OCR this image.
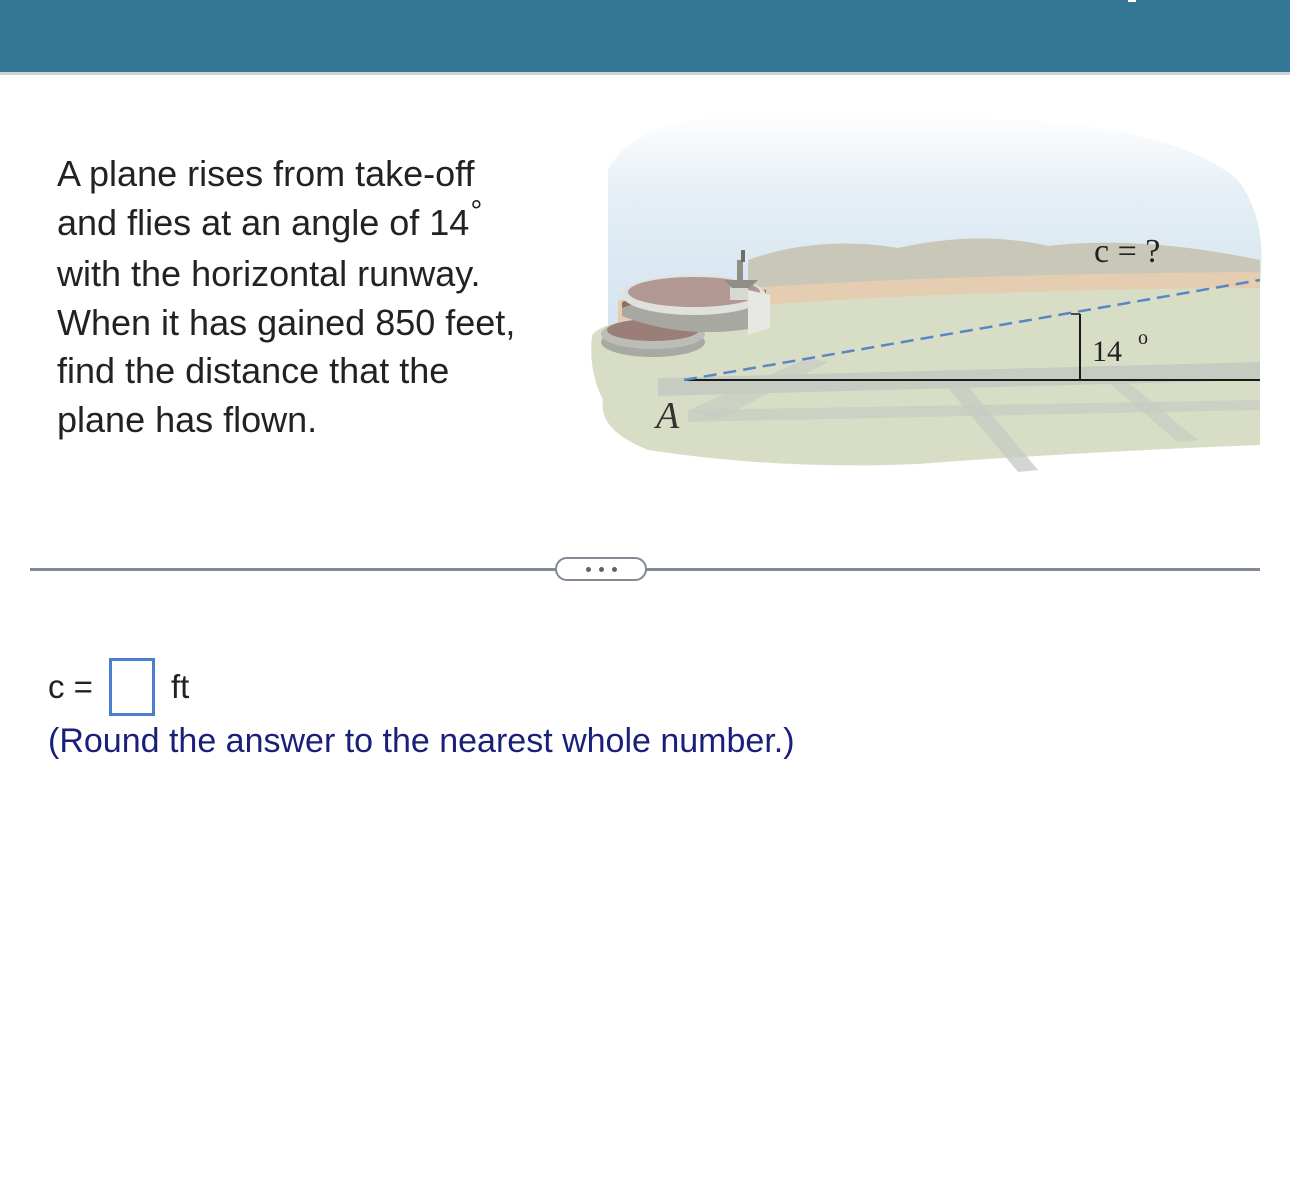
A plane rises from take-off
and flies at an angle of 14°
with the horizontal runway.
When it has gained 850 feet,
find the distance that the
plane has flown.
c = ?
14 o
A
c = ft
(Round the answer to the nearest whole number.)
